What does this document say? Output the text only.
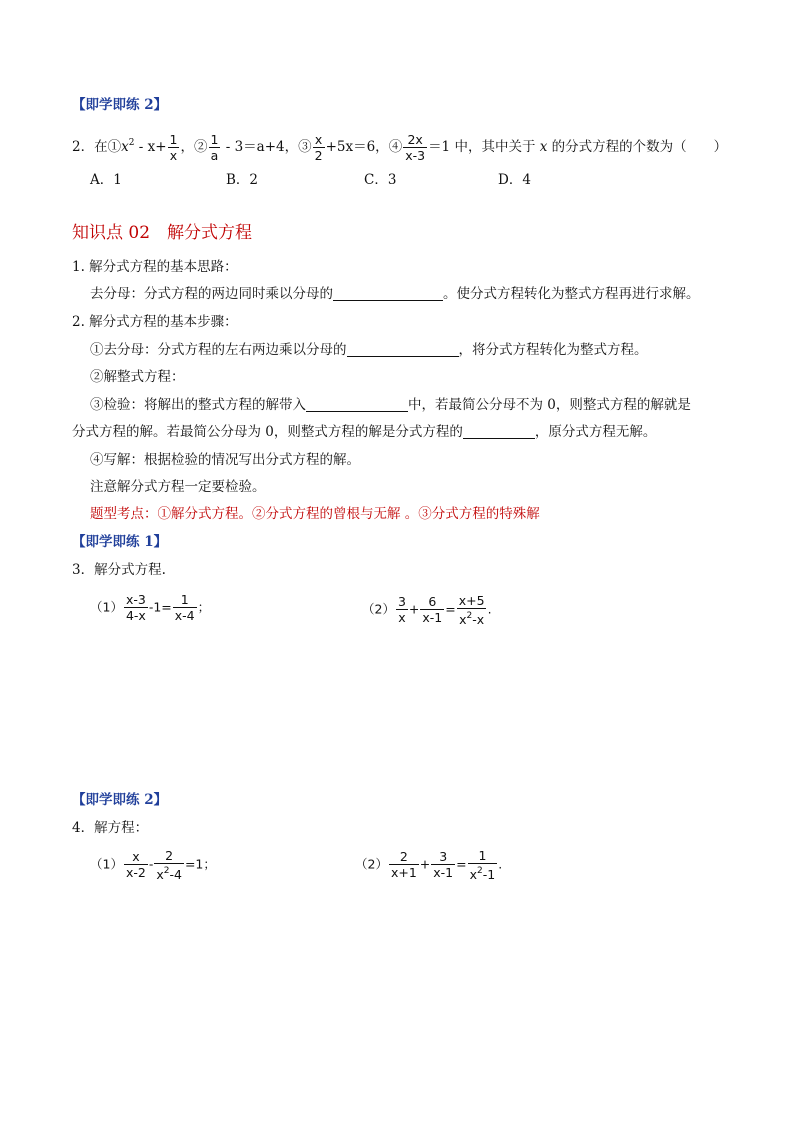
【即学即练 2】
2．在$①x^2 - x+ \frac{1}{x}$ ，② $\frac{1}{a} - 3=a+4$，③ $\frac{x}{2} +5x=6$，④ $\frac{2x}{x-3} =1$ 中，其中关于 x 的分式方程的个数为（　　）
A．1	B．2	C．3	D．4
知识点 02　解分式方程
1. 解分式方程的基本思路：
去分母：分式方程的两边同时乘以分母的	。使分式方程转化为整式方程再进行求解。
2. 解分式方程的基本步骤：
①去分母：分式方程的左右两边乘以分母的	，将分式方程转化为整式方程。
②解整式方程：
③检验：将解出的整式方程的解带入	中，若最简公分母不为 0，则整式方程的解就是
分式方程的解。若最简公分母为 0，则整式方程的解是分式方程的	，原分式方程无解。
④写解：根据检验的情况写出分式方程的解。
注意解分式方程一定要检验。
题型考点：①解分式方程。②分式方程的曾根与无解 。③分式方程的特殊解
【即学即练 1】
3．解分式方程.
$(1) \frac{x-3}{4-x} -1= \frac{1}{x-4}$ ；	$(2) \frac{3}{x} + \frac{6}{x-1} = \frac{x+5}{x^2-x}$ .
【即学即练 2】
4．解方程：
$(1) \frac{x}{x-2} - \frac{2}{x^2-4} =1$；	$(2) \frac{2}{x+1} + \frac{3}{x-1} = \frac{1}{x^2-1}$ .
